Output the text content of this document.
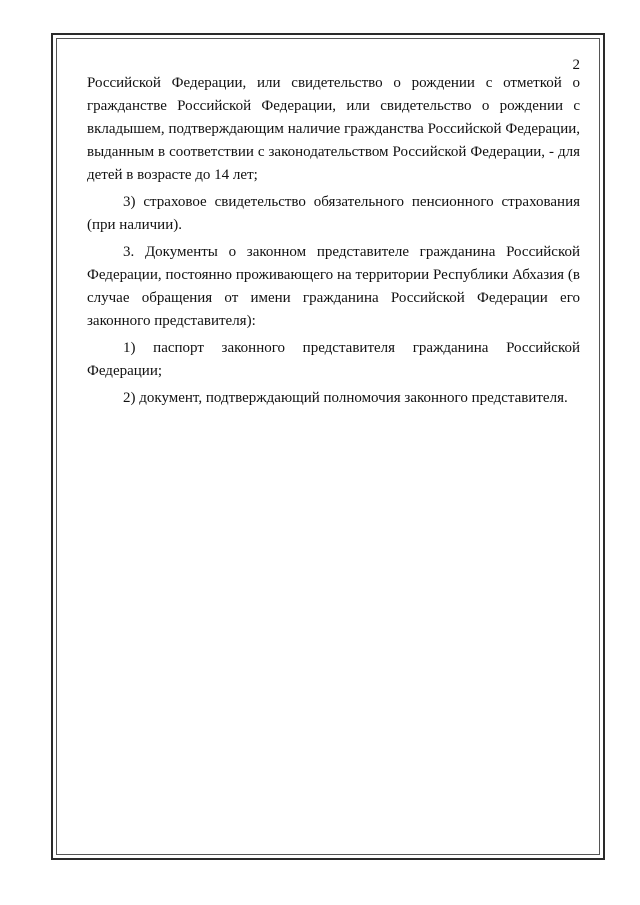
2

Российской Федерации, или свидетельство о рождении с отметкой о гражданстве Российской Федерации, или свидетельство о рождении с вкладышем, подтверждающим наличие гражданства Российской Федерации, выданным в соответствии с законодательством Российской Федерации, - для детей в возрасте до 14 лет;

3) страховое свидетельство обязательного пенсионного страхования (при наличии).

3. Документы о законном представителе гражданина Российской Федерации, постоянно проживающего на территории Республики Абхазия (в случае обращения от имени гражданина Российской Федерации его законного представителя):

1) паспорт законного представителя гражданина Российской Федерации;

2) документ, подтверждающий полномочия законного представителя.
